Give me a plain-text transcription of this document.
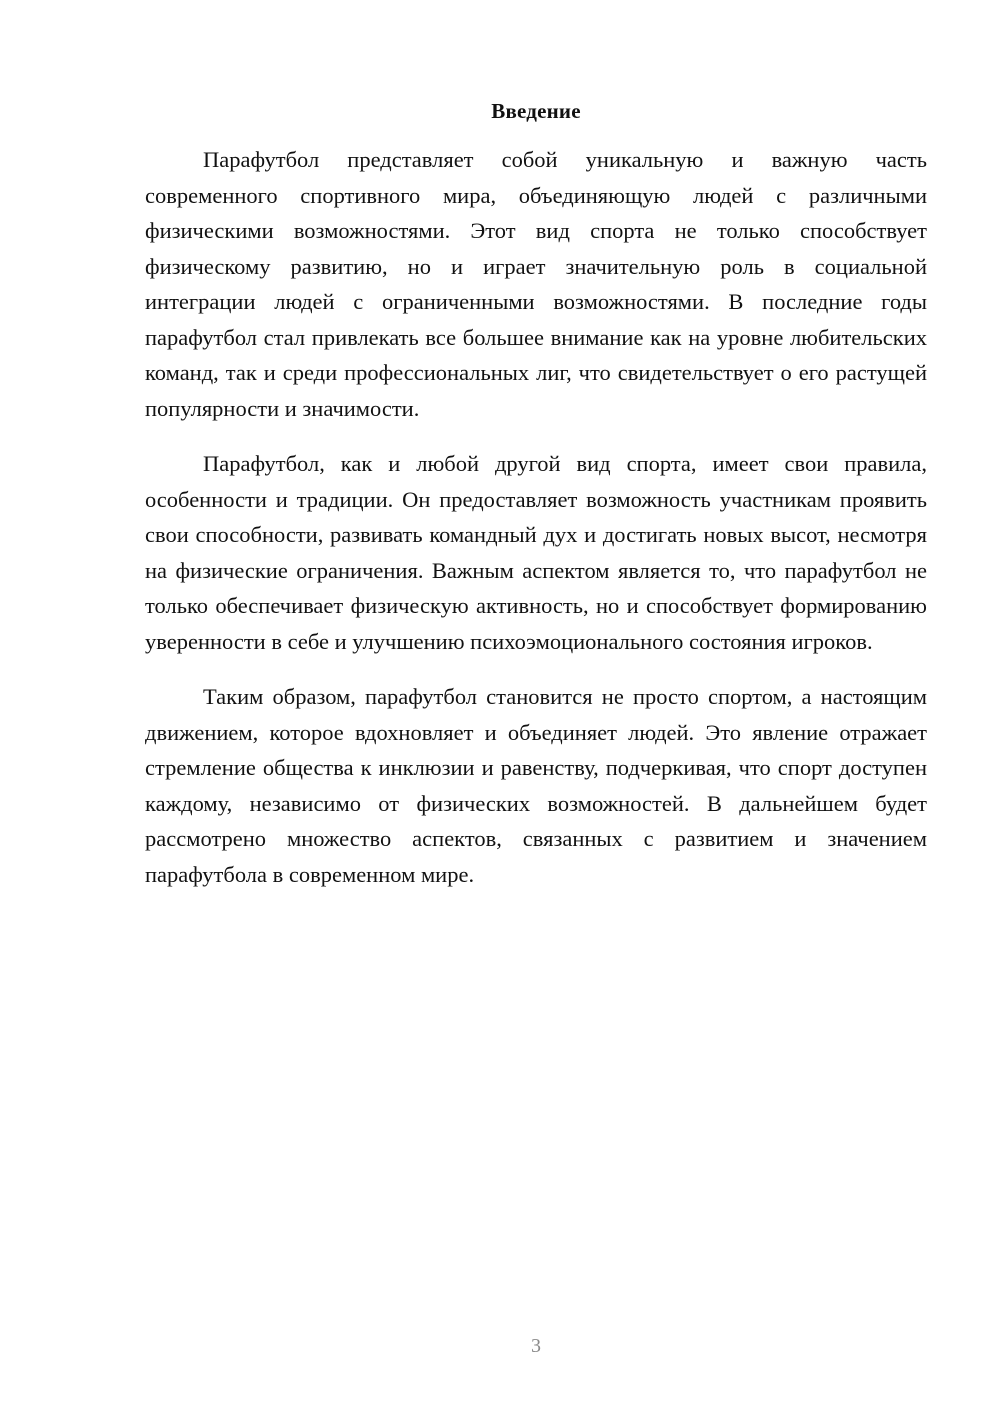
Введение

Парафутбол представляет собой уникальную и важную часть современного спортивного мира, объединяющую людей с различными физическими возможностями. Этот вид спорта не только способствует физическому развитию, но и играет значительную роль в социальной интеграции людей с ограниченными возможностями. В последние годы парафутбол стал привлекать все большее внимание как на уровне любительских команд, так и среди профессиональных лиг, что свидетельствует о его растущей популярности и значимости.

Парафутбол, как и любой другой вид спорта, имеет свои правила, особенности и традиции. Он предоставляет возможность участникам проявить свои способности, развивать командный дух и достигать новых высот, несмотря на физические ограничения. Важным аспектом является то, что парафутбол не только обеспечивает физическую активность, но и способствует формированию уверенности в себе и улучшению психоэмоционального состояния игроков.

Таким образом, парафутбол становится не просто спортом, а настоящим движением, которое вдохновляет и объединяет людей. Это явление отражает стремление общества к инклюзии и равенству, подчеркивая, что спорт доступен каждому, независимо от физических возможностей. В дальнейшем будет рассмотрено множество аспектов, связанных с развитием и значением парафутбола в современном мире.

3
